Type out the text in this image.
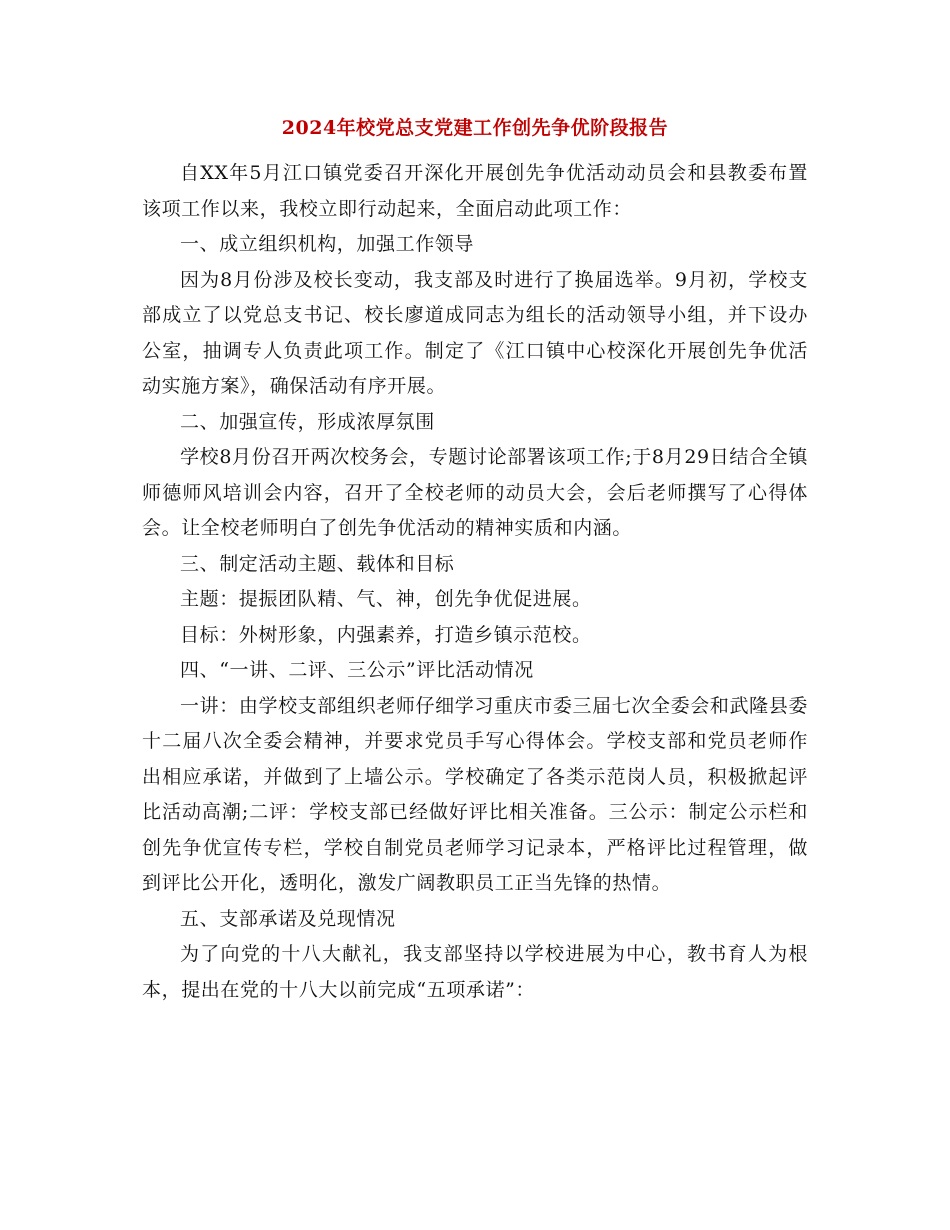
2024年校党总支党建工作创先争优阶段报告

自XX年5月江口镇党委召开深化开展创先争优活动动员会和县教委布置该项工作以来，我校立即行动起来，全面启动此项工作：

一、成立组织机构，加强工作领导

因为8月份涉及校长变动，我支部及时进行了换届选举。9月初，学校支部成立了以党总支书记、校长廖道成同志为组长的活动领导小组，并下设办公室，抽调专人负责此项工作。制定了《江口镇中心校深化开展创先争优活动实施方案》，确保活动有序开展。

二、加强宣传，形成浓厚氛围

学校8月份召开两次校务会，专题讨论部署该项工作;于8月29日结合全镇师德师风培训会内容，召开了全校老师的动员大会，会后老师撰写了心得体会。让全校老师明白了创先争优活动的精神实质和内涵。

三、制定活动主题、载体和目标

主题：提振团队精、气、神，创先争优促进展。

目标：外树形象，内强素养，打造乡镇示范校。

四、“一讲、二评、三公示”评比活动情况

一讲：由学校支部组织老师仔细学习重庆市委三届七次全委会和武隆县委十二届八次全委会精神，并要求党员手写心得体会。学校支部和党员老师作出相应承诺，并做到了上墙公示。学校确定了各类示范岗人员，积极掀起评比活动高潮;二评：学校支部已经做好评比相关准备。三公示：制定公示栏和创先争优宣传专栏，学校自制党员老师学习记录本，严格评比过程管理，做到评比公开化，透明化，激发广阔教职员工正当先锋的热情。

五、支部承诺及兑现情况

为了向党的十八大献礼，我支部坚持以学校进展为中心，教书育人为根本，提出在党的十八大以前完成“五项承诺”：
